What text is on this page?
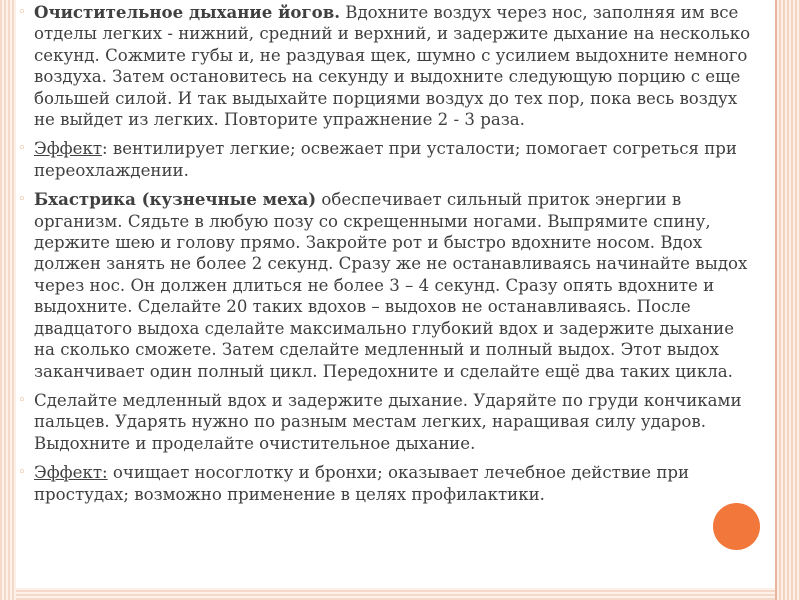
◦ Очистительное дыхание йогов. Вдохните воздух через нос, заполняя им все отделы легких - нижний, средний и верхний, и задержите дыхание на несколько секунд. Сожмите губы и, не раздувая щек, шумно с усилием выдохните немного воздуха. Затем остановитесь на секунду и выдохните следующую порцию с еще большей силой. И так выдыхайте порциями воздух до тех пор, пока весь воздух не выйдет из легких. Повторите упражнение 2 - 3 раза.

◦ Эффект: вентилирует легкие; освежает при усталости; помогает согреться при переохлаждении.

◦ Бхастрика (кузнечные меха) обеспечивает сильный приток энергии в организм. Сядьте в любую позу со скрещенными ногами. Выпрямите спину, держите шею и голову прямо. Закройте рот и быстро вдохните носом. Вдох должен занять не более 2 секунд. Сразу же не останавливаясь начинайте выдох через нос. Он должен длиться не более 3 – 4 секунд. Сразу опять вдохните и выдохните. Сделайте 20 таких вдохов – выдохов не останавливаясь. После двадцатого выдоха сделайте максимально глубокий вдох и задержите дыхание на сколько сможете. Затем сделайте медленный и полный выдох. Этот выдох заканчивает один полный цикл. Передохните и сделайте ещё два таких цикла.

◦ Сделайте медленный вдох и задержите дыхание. Ударяйте по груди кончиками пальцев. Ударять нужно по разным местам легких, наращивая силу ударов. Выдохните и проделайте очистительное дыхание.

◦ Эффект: очищает носоглотку и бронхи; оказывает лечебное действие при простудах; возможно применение в целях профилактики.
